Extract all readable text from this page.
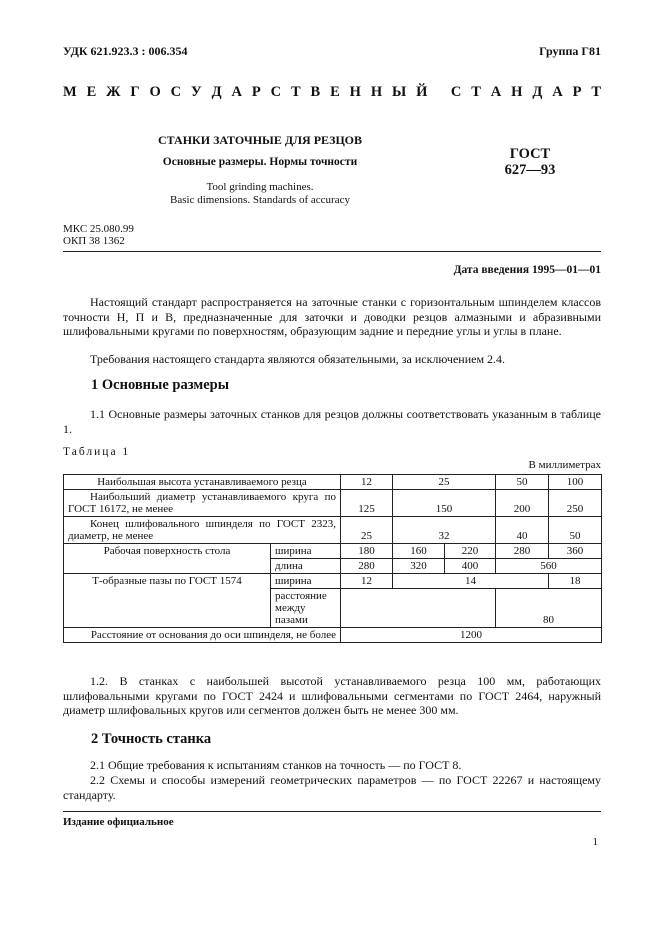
УДК 621.923.3 : 006.354	Группа Г81
М Е Ж Г О С У Д А Р С Т В Е Н Н Ы Й
С Т А Н Д А Р Т
СТАНКИ ЗАТОЧНЫЕ ДЛЯ РЕЗЦОВ
Основные размеры. Нормы точности
Tool grinding machines.
Basic dimensions. Standards of accuracy
ГОСТ
627—93
МКС 25.080.99
ОКП 38 1362
Дата введения 1995—01—01
Настоящий стандарт распространяется на заточные станки с горизонтальным шпинделем классов точности Н, П и В, предназначенные для заточки и доводки резцов алмазными и абразивными шлифовальными кругами по поверхностям, образующим задние и передние углы и углы в плане.
Требования настоящего стандарта являются обязательными, за исключением 2.4.
1 Основные размеры
1.1 Основные размеры заточных станков для резцов должны соответствовать указанным в таблице 1.
Таблица 1
В миллиметрах
Наибольшая высота устанавливаемого резца		12	25		50	100
Наибольший диаметр устанавливаемого круга по ГОСТ 16172, не менее		125	150		200	250
Конец шлифовального шпинделя по ГОСТ 2323, диаметр, не менее		25	32		40	50
Рабочая поверхность стола	ширина	180	160	220	280	360
	длина	280	320	400	560	
Т-образные пазы по ГОСТ 1574	ширина	12	14			18
	расстояние между пазами				80	
Расстояние от основания до оси шпинделя, не более		1200				
1.2. В станках с наибольшей высотой устанавливаемого резца 100 мм, работающих шлифовальными кругами по ГОСТ 2424 и шлифовальными сегментами по ГОСТ 2464, наружный диаметр шлифовальных кругов или сегментов должен быть не менее 300 мм.
2 Точность станка
2.1 Общие требования к испытаниям станков на точность — по ГОСТ 8.
2.2 Схемы и способы измерений геометрических параметров — по ГОСТ 22267 и настоящему стандарту.
Издание официальное
1
